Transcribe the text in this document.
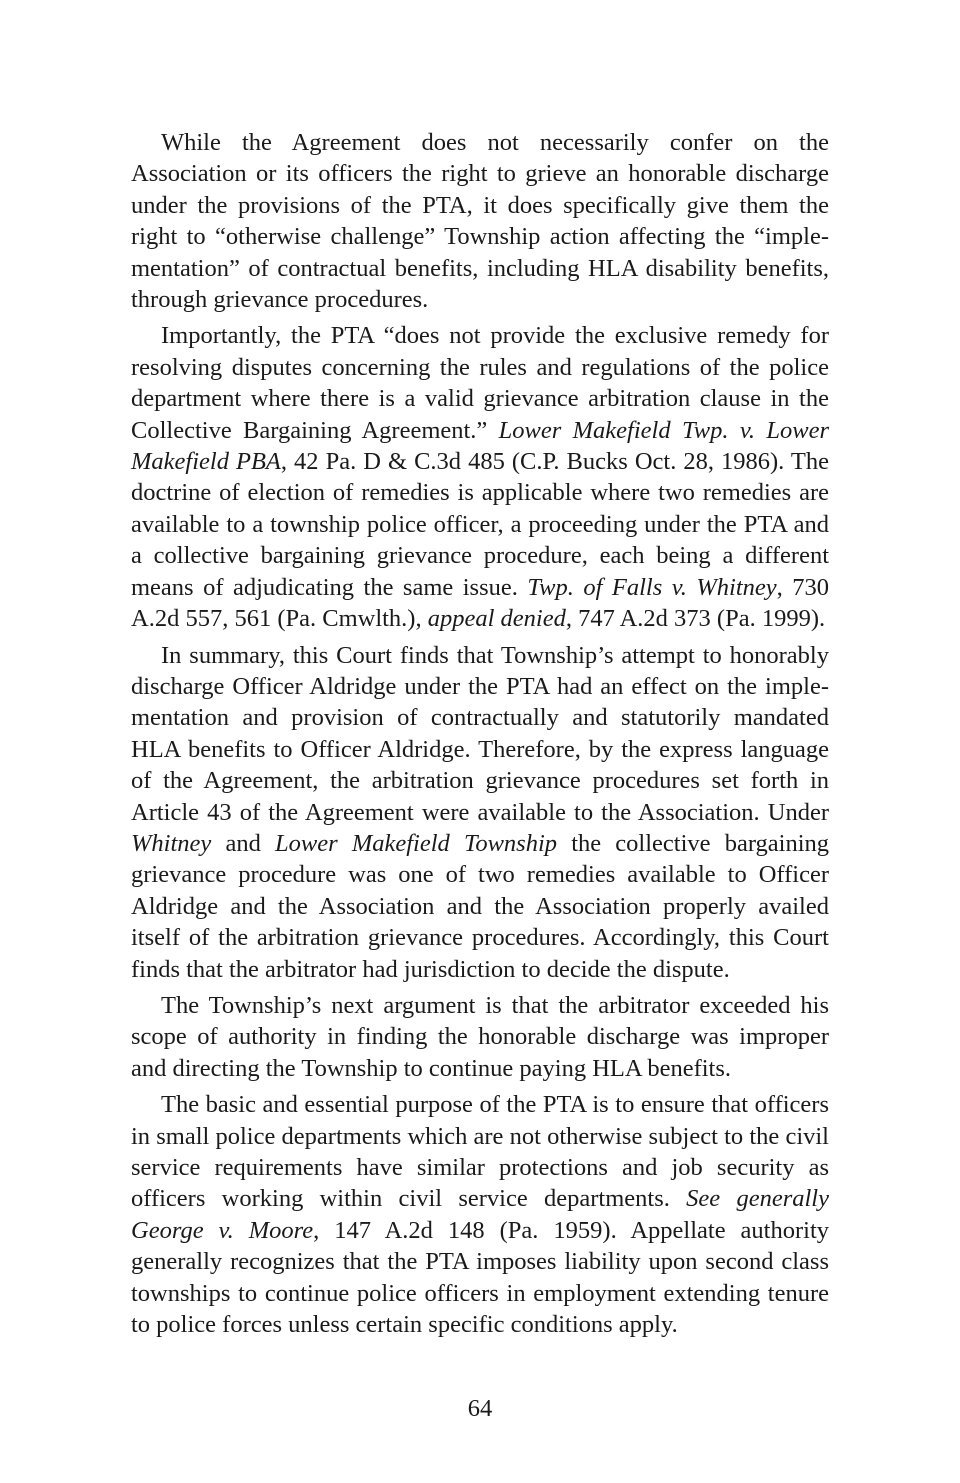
While the Agreement does not necessarily confer on the Association or its officers the right to grieve an honorable discharge under the provisions of the PTA, it does specifically give them the right to “otherwise challenge” Township action affecting the “implementation” of contractual benefits, including HLA disability benefits, through grievance procedures.

Importantly, the PTA “does not provide the exclusive remedy for resolving disputes concerning the rules and regulations of the police department where there is a valid grievance arbitration clause in the Collective Bargaining Agreement.” Lower Makefield Twp. v. Lower Makefield PBA, 42 Pa. D & C.3d 485 (C.P. Bucks Oct. 28, 1986). The doctrine of election of remedies is applicable where two remedies are available to a township police officer, a proceeding under the PTA and a collective bargaining grievance procedure, each being a different means of adjudicating the same issue. Twp. of Falls v. Whitney, 730 A.2d 557, 561 (Pa. Cmwlth.), appeal denied, 747 A.2d 373 (Pa. 1999).

In summary, this Court finds that Township’s attempt to honorably discharge Officer Aldridge under the PTA had an effect on the implementation and provision of contractually and statutorily mandated HLA benefits to Officer Aldridge. Therefore, by the express language of the Agreement, the arbitration grievance procedures set forth in Article 43 of the Agreement were available to the Association. Under Whitney and Lower Makefield Township the collective bargaining grievance procedure was one of two remedies available to Officer Aldridge and the Association and the Association properly availed itself of the arbitration grievance procedures. Accordingly, this Court finds that the arbitrator had jurisdiction to decide the dispute.

The Township’s next argument is that the arbitrator exceeded his scope of authority in finding the honorable discharge was improper and directing the Township to continue paying HLA benefits.

The basic and essential purpose of the PTA is to ensure that officers in small police departments which are not otherwise subject to the civil service requirements have similar protections and job security as officers working within civil service departments. See generally George v. Moore, 147 A.2d 148 (Pa. 1959). Appellate authority generally recognizes that the PTA imposes liability upon second class townships to continue police officers in employment extending tenure to police forces unless certain specific conditions apply.

64
